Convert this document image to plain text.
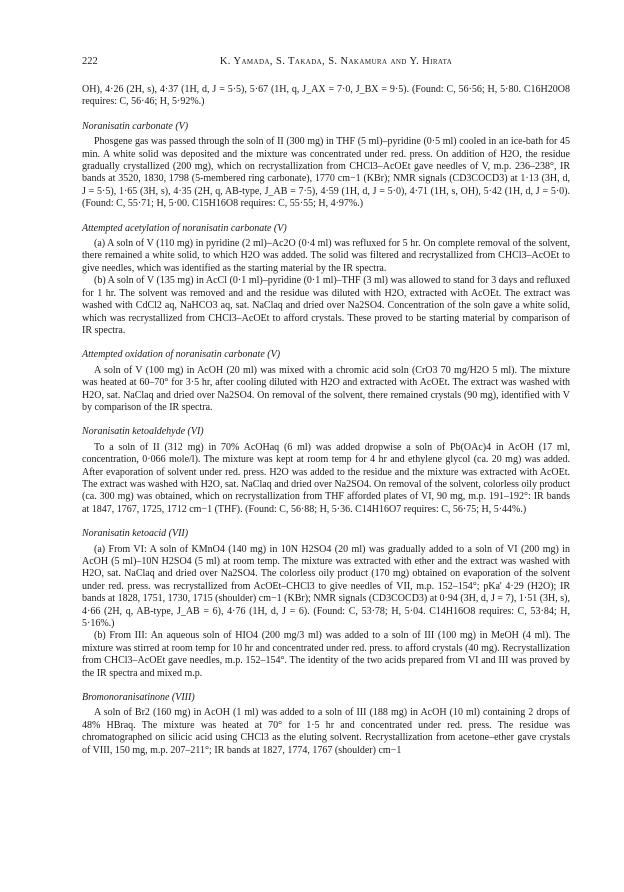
222	K. Yamada, S. Takada, S. Nakamura and Y. Hirata

OH), 4·26 (2H, s), 4·37 (1H, d, J = 5·5), 5·67 (1H, q, J_AX = 7·0, J_BX = 9·5). (Found: C, 56·56; H, 5·80. C16H20O8 requires: C, 56·46; H, 5·92%.)

Noranisatin carbonate (V)

Phosgene gas was passed through the soln of II (300 mg) in THF (5 ml)–pyridine (0·5 ml) cooled in an ice-bath for 45 min. A white solid was deposited and the mixture was concentrated under red. press. On addition of H2O, the residue gradually crystallized (200 mg), which on recrystallization from CHCl3–AcOEt gave needles of V, m.p. 236–238°, IR bands at 3520, 1830, 1798 (5-membered ring carbonate), 1770 cm−1 (KBr); NMR signals (CD3COCD3) at 1·13 (3H, d, J = 5·5), 1·65 (3H, s), 4·35 (2H, q, AB-type, J_AB = 7·5), 4·59 (1H, d, J = 5·0), 4·71 (1H, s, OH), 5·42 (1H, d, J = 5·0). (Found: C, 55·71; H, 5·00. C15H16O8 requires: C, 55·55; H, 4·97%.)

Attempted acetylation of noranisatin carbonate (V)

(a) A soln of V (110 mg) in pyridine (2 ml)–Ac2O (0·4 ml) was refluxed for 5 hr. On complete removal of the solvent, there remained a white solid, to which H2O was added. The solid was filtered and recrystallized from CHCl3–AcOEt to give needles, which was identified as the starting material by the IR spectra.

(b) A soln of V (135 mg) in AcCl (0·1 ml)–pyridine (0·1 ml)–THF (3 ml) was allowed to stand for 3 days and refluxed for 1 hr. The solvent was removed and and the residue was diluted with H2O, extracted with AcOEt. The extract was washed with CdCl2 aq, NaHCO3 aq, sat. NaClaq and dried over Na2SO4. Concentration of the soln gave a white solid, which was recrystallized from CHCl3–AcOEt to afford crystals. These proved to be starting material by comparison of IR spectra.

Attempted oxidation of noranisatin carbonate (V)

A soln of V (100 mg) in AcOH (20 ml) was mixed with a chromic acid soln (CrO3 70 mg/H2O 5 ml). The mixture was heated at 60–70° for 3·5 hr, after cooling diluted with H2O and extracted with AcOEt. The extract was washed with H2O, sat. NaClaq and dried over Na2SO4. On removal of the solvent, there remained crystals (90 mg), identified with V by comparison of the IR spectra.

Noranisatin ketoaldehyde (VI)

To a soln of II (312 mg) in 70% AcOHaq (6 ml) was added dropwise a soln of Pb(OAc)4 in AcOH (17 ml, concentration, 0·066 mole/l). The mixture was kept at room temp for 4 hr and ethylene glycol (ca. 20 mg) was added. After evaporation of solvent under red. press. H2O was added to the residue and the mixture was extracted with AcOEt. The extract was washed with H2O, sat. NaClaq and dried over Na2SO4. On removal of the solvent, colorless oily product (ca. 300 mg) was obtained, which on recrystallization from THF afforded plates of VI, 90 mg, m.p. 191–192°: IR bands at 1847, 1767, 1725, 1712 cm−1 (THF). (Found: C, 56·88; H, 5·36. C14H16O7 requires: C, 56·75; H, 5·44%.)

Noranisatin ketoacid (VII)

(a) From VI: A soln of KMnO4 (140 mg) in 10N H2SO4 (20 ml) was gradually added to a soln of VI (200 mg) in AcOH (5 ml)–10N H2SO4 (5 ml) at room temp. The mixture was extracted with ether and the extract was washed with H2O, sat. NaClaq and dried over Na2SO4. The colorless oily product (170 mg) obtained on evaporation of the solvent under red. press. was recrystallized from AcOEt–CHCl3 to give needles of VII, m.p. 152–154°; pKa' 4·29 (H2O); IR bands at 1828, 1751, 1730, 1715 (shoulder) cm−1 (KBr); NMR signals (CD3COCD3) at 0·94 (3H, d, J = 7), 1·51 (3H, s), 4·66 (2H, q, AB-type, J_AB = 6), 4·76 (1H, d, J = 6). (Found: C, 53·78; H, 5·04. C14H16O8 requires: C, 53·84; H, 5·16%.)

(b) From III: An aqueous soln of HIO4 (200 mg/3 ml) was added to a soln of III (100 mg) in MeOH (4 ml). The mixture was stirred at room temp for 10 hr and concentrated under red. press. to afford crystals (40 mg). Recrystallization from CHCl3–AcOEt gave needles, m.p. 152–154°. The identity of the two acids prepared from VI and III was proved by the IR spectra and mixed m.p.

Bromonoranisatinone (VIII)

A soln of Br2 (160 mg) in AcOH (1 ml) was added to a soln of III (188 mg) in AcOH (10 ml) containing 2 drops of 48% HBraq. The mixture was heated at 70° for 1·5 hr and concentrated under red. press. The residue was chromatographed on silicic acid using CHCl3 as the eluting solvent. Recrystallization from acetone–ether gave crystals of VIII, 150 mg, m.p. 207–211°; IR bands at 1827, 1774, 1767 (shoulder) cm−1
